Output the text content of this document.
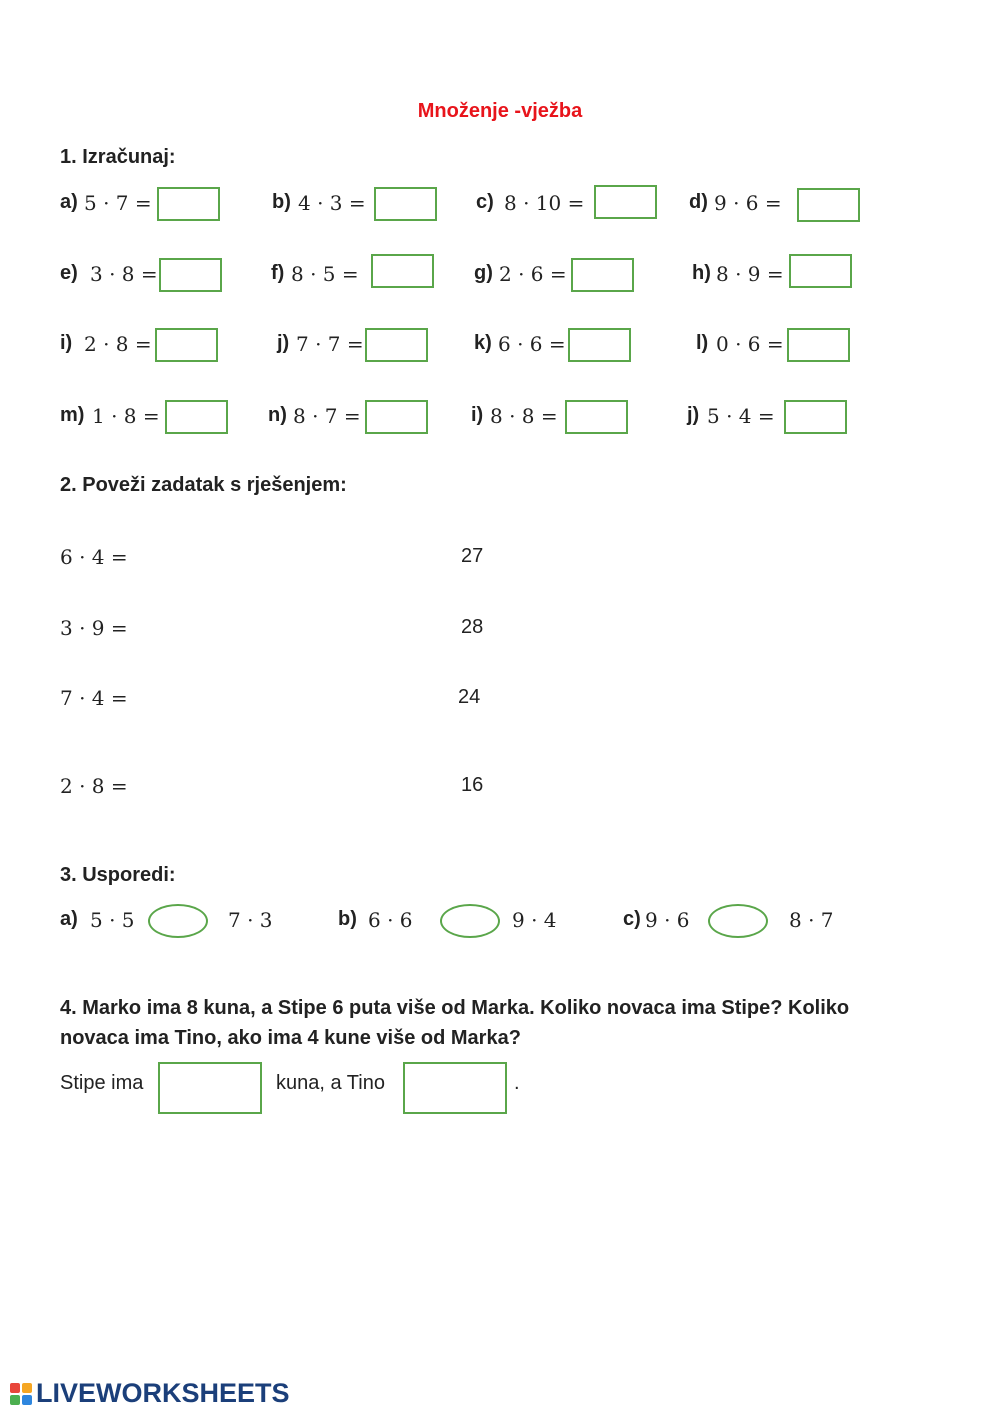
Množenje -vježba
1. Izračunaj:
a) 5 · 7 =	b) 4 · 3 =	c) 8 · 10 =	d) 9 · 6 =
e) 3 · 8 =	f) 8 · 5 =	g) 2 · 6 =	h) 8 · 9 =
i) 2 · 8 =	j) 7 · 7 =	k) 6 · 6 =	l) 0 · 6 =
m) 1 · 8 =	n) 8 · 7 =	i) 8 · 8 =	j) 5 · 4 =
2. Poveži zadatak s rješenjem:
6 · 4 =	27
3 · 9 =	28
7 · 4 =	24
2 · 8 =	16
3. Usporedi:
a) 5 · 5	7 · 3	b) 6 · 6	9 · 4	c) 9 · 6	8 · 7
4. Marko ima 8 kuna, a Stipe 6 puta više od Marka. Koliko novaca ima Stipe? Koliko
novaca ima Tino, ako ima 4 kune više od Marka?
Stipe ima	kuna, a Tino	.
LIVEWORKSHEETS
